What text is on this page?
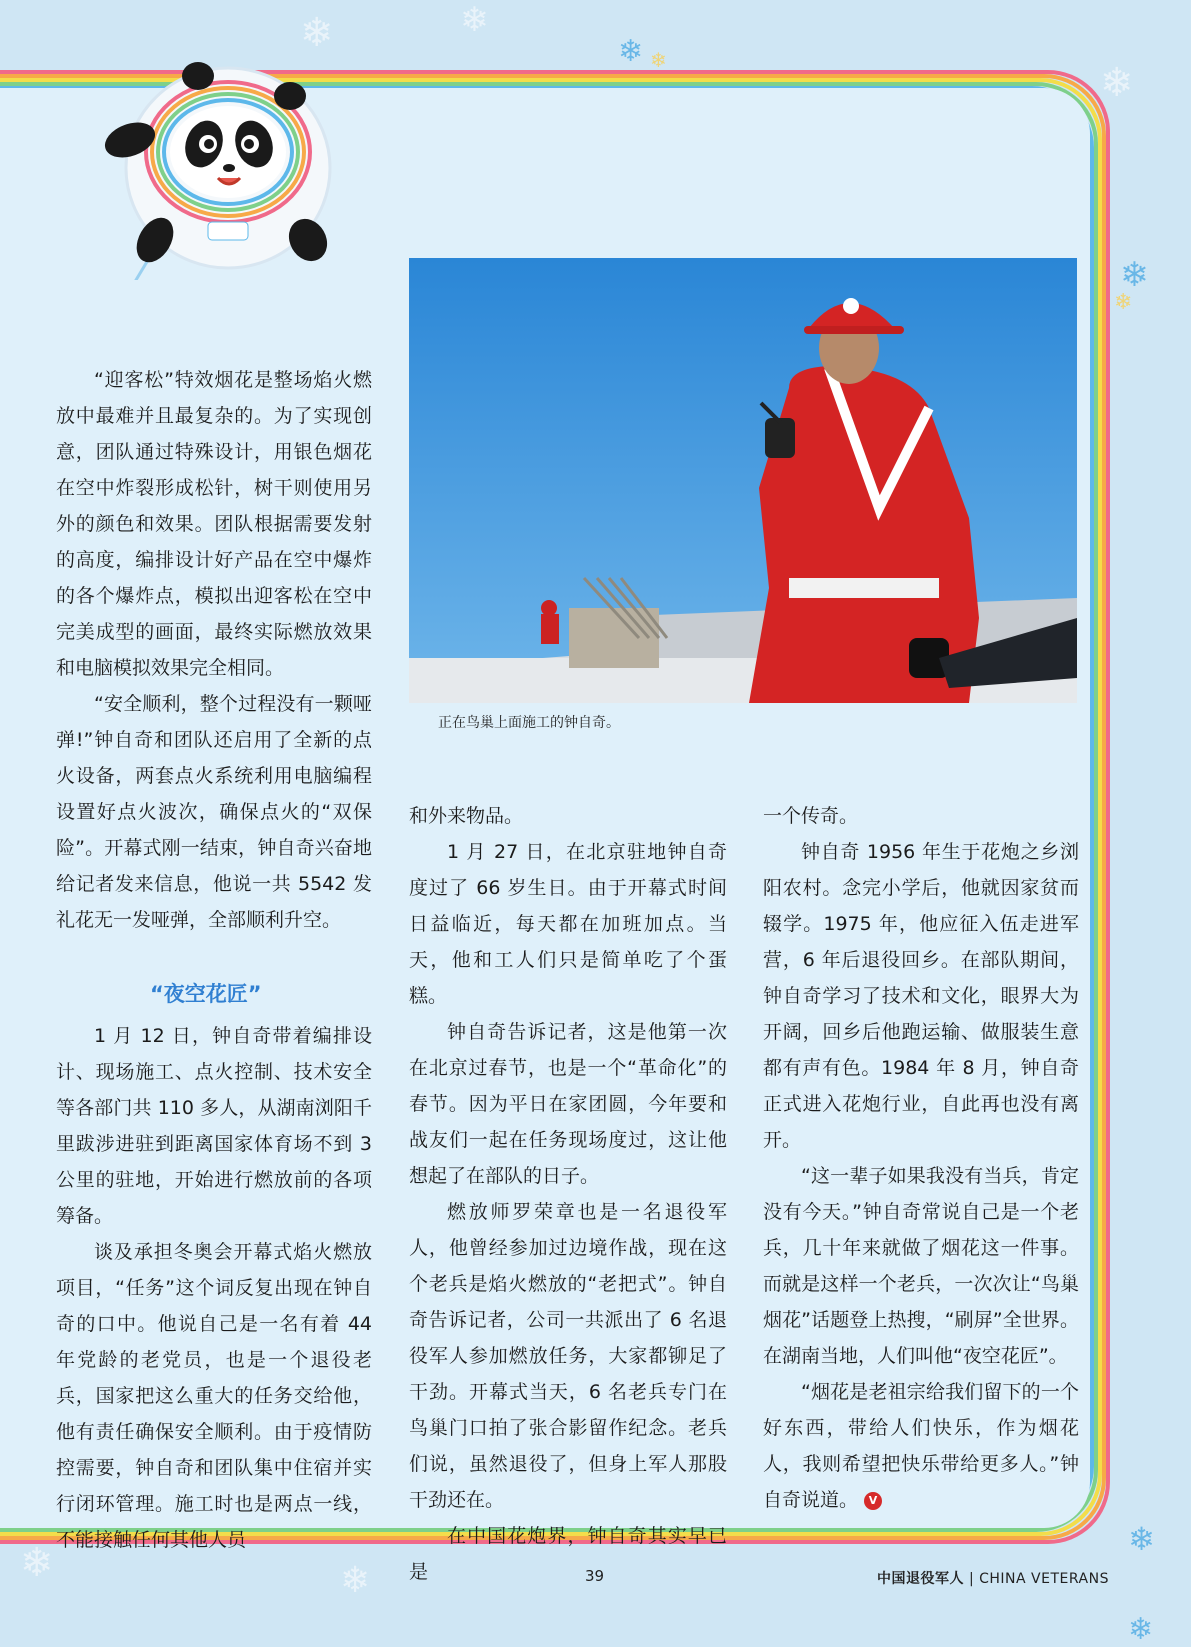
❄	❄
❄ ❄	❄
❄
❄
❄
❄
❄	❄
正在鸟巢上面施工的钟自奇。

“迎客松”特效烟花是整场焰火燃放中最难并且最复杂的。为了实现创意，团队通过特殊设计，用银色烟花在空中炸裂形成松针，树干则使用另外的颜色和效果。团队根据需要发射的高度，编排设计好产品在空中爆炸的各个爆炸点，模拟出迎客松在空中完美成型的画面，最终实际燃放效果和电脑模拟效果完全相同。

“安全顺利，整个过程没有一颗哑弹!”钟自奇和团队还启用了全新的点火设备，两套点火系统利用电脑编程设置好点火波次，确保点火的“双保险”。开幕式刚一结束，钟自奇兴奋地给记者发来信息，他说一共 5542 发礼花无一发哑弹，全部顺利升空。

“夜空花匠”

1 月 12 日，钟自奇带着编排设计、现场施工、点火控制、技术安全等各部门共 110 多人，从湖南浏阳千里跋涉进驻到距离国家体育场不到 3 公里的驻地，开始进行燃放前的各项筹备。

谈及承担冬奥会开幕式焰火燃放项目，“任务”这个词反复出现在钟自奇的口中。他说自己是一名有着 44 年党龄的老党员，也是一个退役老兵，国家把这么重大的任务交给他，他有责任确保安全顺利。由于疫情防控需要，钟自奇和团队集中住宿并实行闭环管理。施工时也是两点一线，不能接触任何其他人员

和外来物品。

1 月 27 日，在北京驻地钟自奇度过了 66 岁生日。由于开幕式时间日益临近，每天都在加班加点。当天，他和工人们只是简单吃了个蛋糕。

钟自奇告诉记者，这是他第一次在北京过春节，也是一个“革命化”的春节。因为平日在家团圆，今年要和战友们一起在任务现场度过，这让他想起了在部队的日子。

燃放师罗荣章也是一名退役军人，他曾经参加过边境作战，现在这个老兵是焰火燃放的“老把式”。钟自奇告诉记者，公司一共派出了 6 名退役军人参加燃放任务，大家都铆足了干劲。开幕式当天，6 名老兵专门在鸟巢门口拍了张合影留作纪念。老兵们说，虽然退役了，但身上军人那股干劲还在。

在中国花炮界，钟自奇其实早已是

一个传奇。

钟自奇 1956 年生于花炮之乡浏阳农村。念完小学后，他就因家贫而辍学。1975 年，他应征入伍走进军营，6 年后退役回乡。在部队期间，钟自奇学习了技术和文化，眼界大为开阔，回乡后他跑运输、做服装生意都有声有色。1984 年 8 月，钟自奇正式进入花炮行业，自此再也没有离开。

“这一辈子如果我没有当兵，肯定没有今天。”钟自奇常说自己是一个老兵，几十年来就做了烟花这一件事。而就是这样一个老兵，一次次让“鸟巢烟花”话题登上热搜，“刷屏”全世界。在湖南当地，人们叫他“夜空花匠”。

“烟花是老祖宗给我们留下的一个好东西，带给人们快乐，作为烟花人，我则希望把快乐带给更多人。”钟自奇说道。 V

39	中国退役军人 | CHINA VETERANS
